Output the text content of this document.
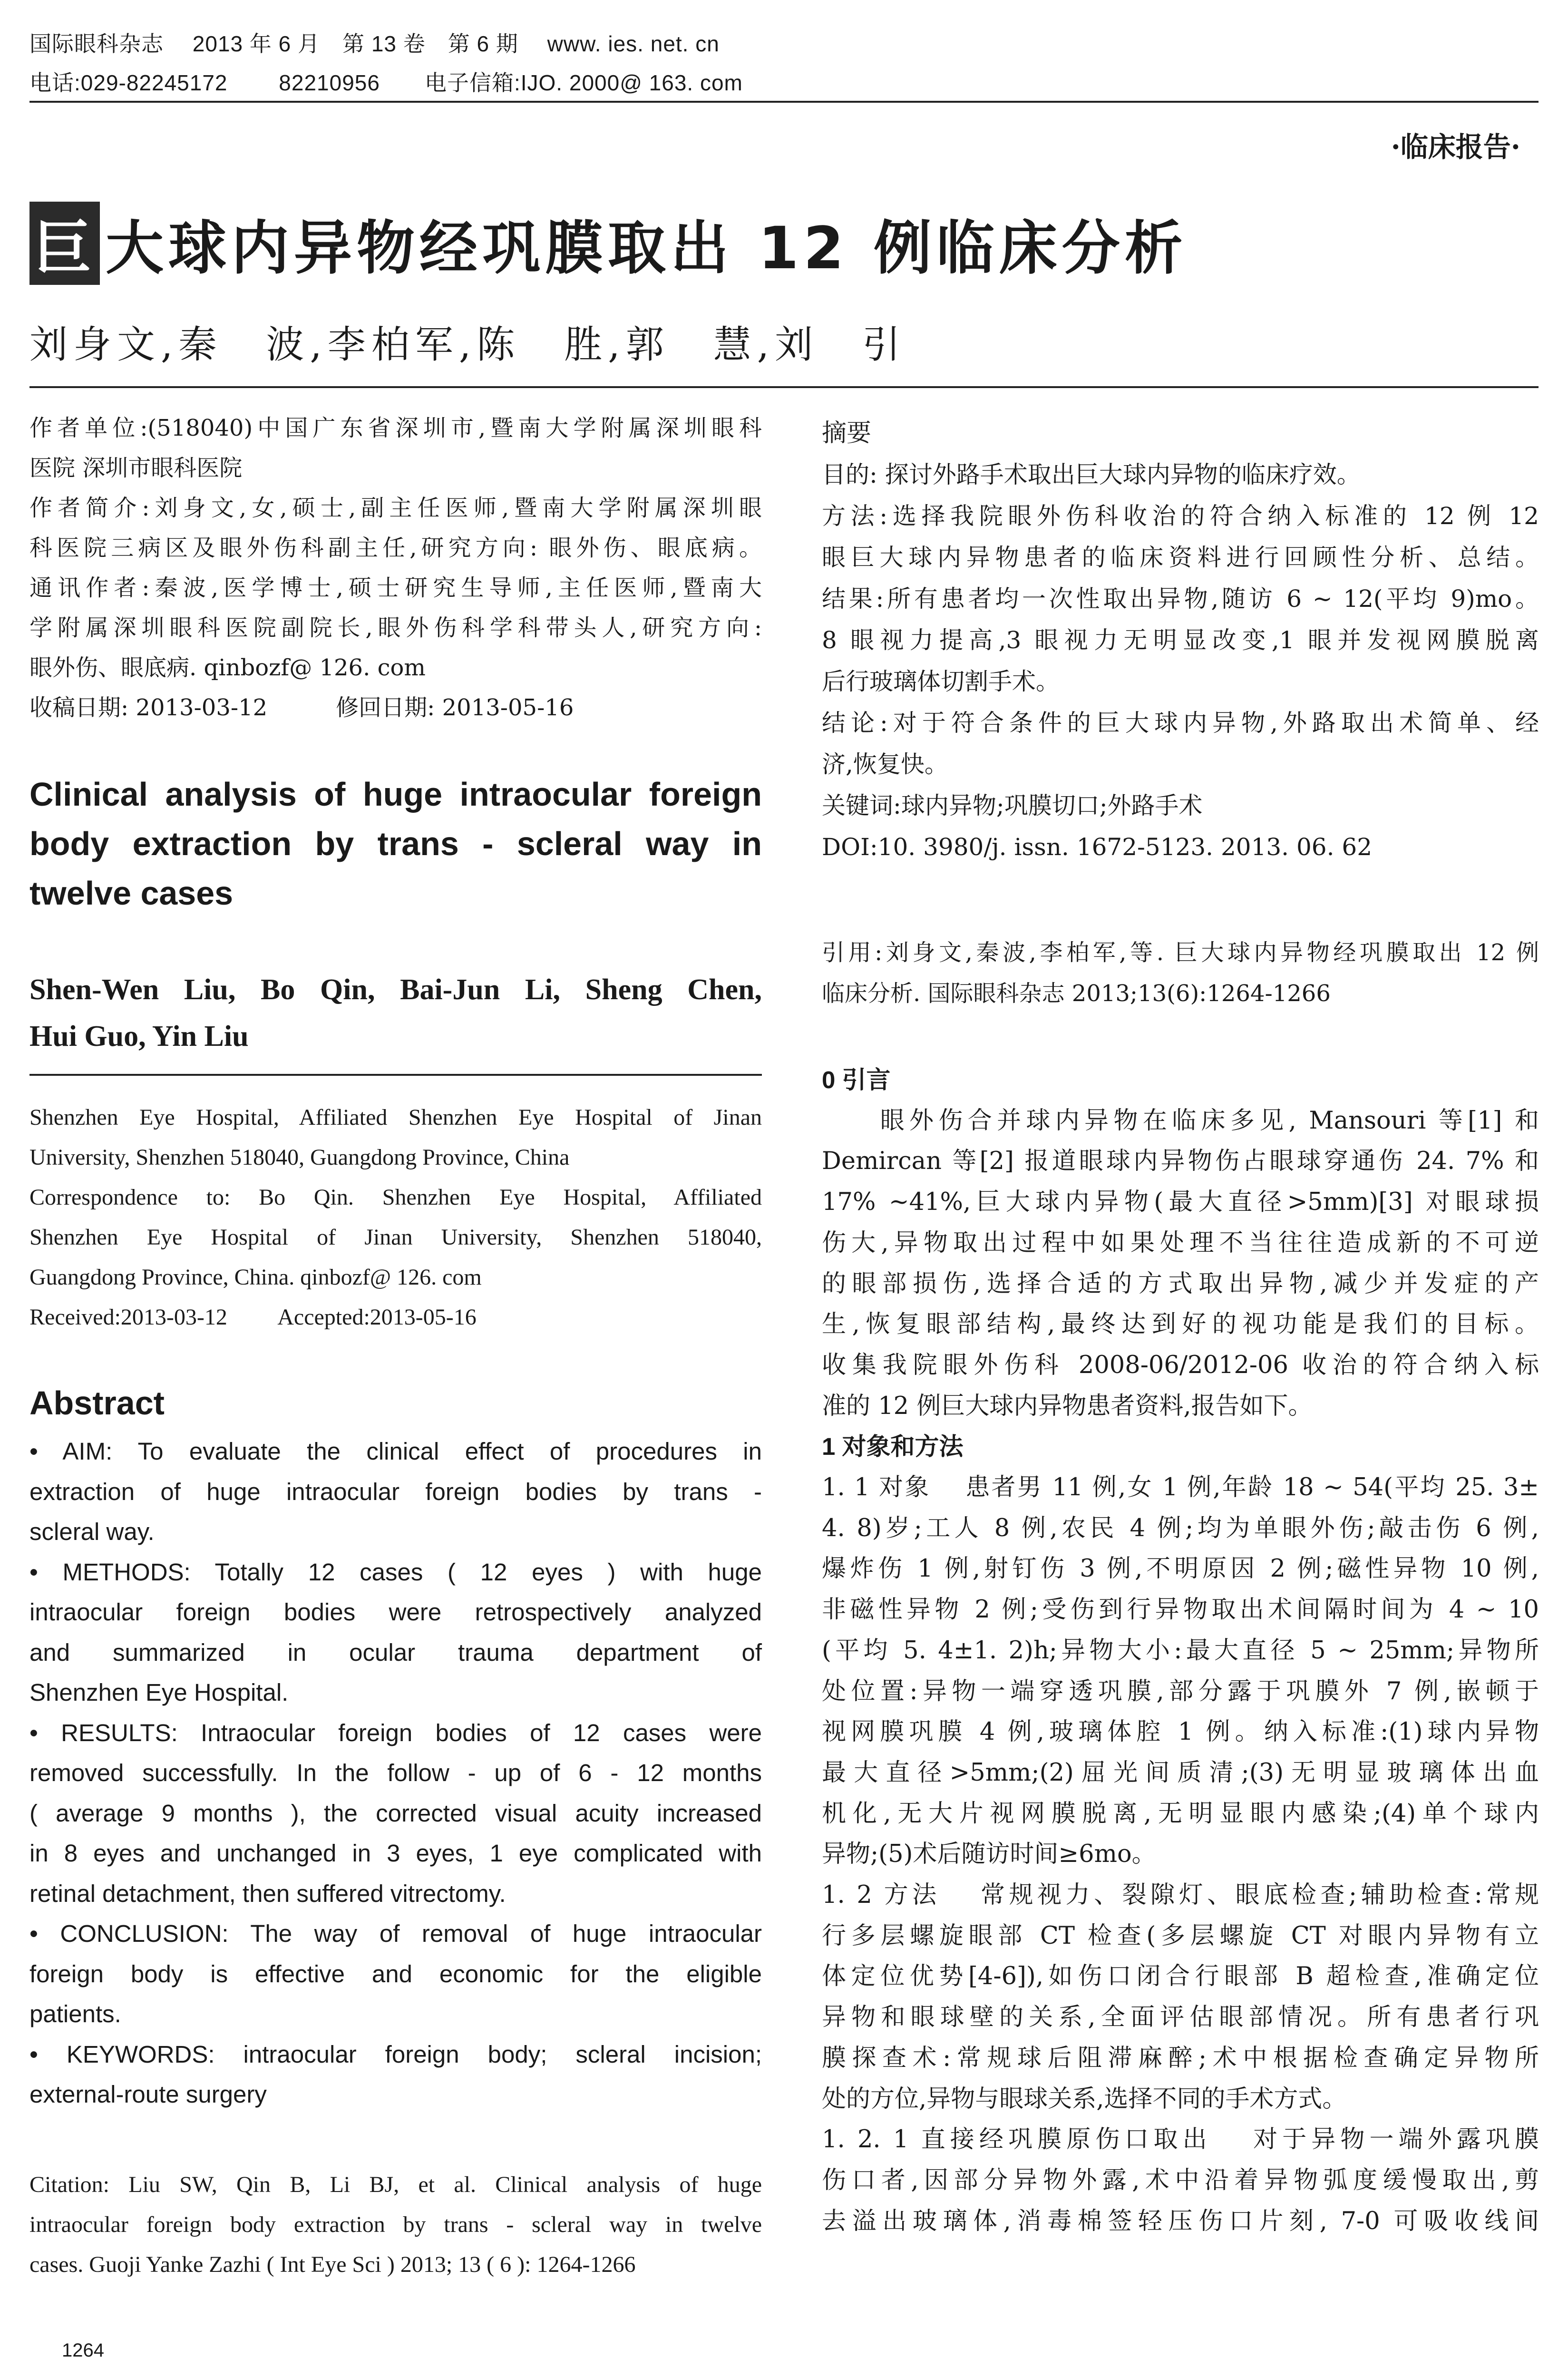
国际眼科杂志　 2013 年 6 月　第 13 卷　第 6 期　 www. ies. net. cn
电话:029-82245172　　 82210956　　电子信箱:IJO. 2000@ 163. com
·临床报告·
巨 大球内异物经巩膜取出 12 例临床分析
刘身文,秦　波,李柏军,陈　胜,郭　慧,刘　引
作者单位:(518040)中国广东省深圳市,暨南大学附属深圳眼科
医院 深圳市眼科医院
作者简介:刘身文,女,硕士,副主任医师,暨南大学附属深圳眼
科医院三病区及眼外伤科副主任,研究方向: 眼外伤、眼底病。
通讯作者:秦波,医学博士,硕士研究生导师,主任医师,暨南大
学附属深圳眼科医院副院长,眼外伤科学科带头人,研究方向:
眼外伤、眼底病. qinbozf@ 126. com
收稿日期: 2013-03-12　　　修回日期: 2013-05-16
Clinical analysis of huge intraocular foreign
body extraction by trans - scleral way in
twelve cases
Shen-Wen Liu, Bo Qin, Bai-Jun Li, Sheng Chen,
Hui Guo, Yin Liu
Shenzhen Eye Hospital, Affiliated Shenzhen Eye Hospital of Jinan
University, Shenzhen 518040, Guangdong Province, China
Correspondence to: Bo Qin. Shenzhen Eye Hospital, Affiliated
Shenzhen Eye Hospital of Jinan University, Shenzhen 518040,
Guangdong Province, China. qinbozf@ 126. com
Received:2013-03-12　　 Accepted:2013-05-16
Abstract
• AIM: To evaluate the clinical effect of procedures in
extraction of huge intraocular foreign bodies by trans -
scleral way.
• METHODS: Totally 12 cases ( 12 eyes ) with huge
intraocular foreign bodies were retrospectively analyzed
and summarized in ocular trauma department of
Shenzhen Eye Hospital.
• RESULTS: Intraocular foreign bodies of 12 cases were
removed successfully. In the follow - up of 6 - 12 months
( average 9 months ), the corrected visual acuity increased
in 8 eyes and unchanged in 3 eyes, 1 eye complicated with
retinal detachment, then suffered vitrectomy.
• CONCLUSION: The way of removal of huge intraocular
foreign body is effective and economic for the eligible
patients.
• KEYWORDS: intraocular foreign body; scleral incision;
external-route surgery
Citation: Liu SW, Qin B, Li BJ, et al. Clinical analysis of huge
intraocular foreign body extraction by trans - scleral way in twelve
cases. Guoji Yanke Zazhi ( Int Eye Sci ) 2013; 13 ( 6 ): 1264-1266
1264
摘要
目的: 探讨外路手术取出巨大球内异物的临床疗效。
方法:选择我院眼外伤科收治的符合纳入标准的 12 例 12
眼巨大球内异物患者的临床资料进行回顾性分析、总结。
结果:所有患者均一次性取出异物,随访 6 ~ 12(平均 9)mo。
8 眼视力提高,3 眼视力无明显改变,1 眼并发视网膜脱离
后行玻璃体切割手术。
结论:对于符合条件的巨大球内异物,外路取出术简单、经
济,恢复快。
关键词:球内异物;巩膜切口;外路手术
DOI:10. 3980/j. issn. 1672-5123. 2013. 06. 62
引用:刘身文,秦波,李柏军,等. 巨大球内异物经巩膜取出 12 例
临床分析. 国际眼科杂志 2013;13(6):1264-1266
0 引言
　　眼外伤合并球内异物在临床多见, Mansouri 等[1] 和
Demircan 等[2] 报道眼球内异物伤占眼球穿通伤 24. 7% 和
17% ~41%,巨大球内异物(最大直径>5mm)[3] 对眼球损
伤大,异物取出过程中如果处理不当往往造成新的不可逆
的眼部损伤,选择合适的方式取出异物,减少并发症的产
生,恢复眼部结构,最终达到好的视功能是我们的目标。
收集我院眼外伤科 2008-06/2012-06 收治的符合纳入标
准的 12 例巨大球内异物患者资料,报告如下。
1 对象和方法
1. 1 对象　 患者男 11 例,女 1 例,年龄 18 ~ 54(平均 25. 3±
4. 8)岁;工人 8 例,农民 4 例;均为单眼外伤;敲击伤 6 例,
爆炸伤 1 例,射钉伤 3 例,不明原因 2 例;磁性异物 10 例,
非磁性异物 2 例;受伤到行异物取出术间隔时间为 4 ~ 10
(平均 5. 4±1. 2)h;异物大小:最大直径 5 ~ 25mm;异物所
处位置:异物一端穿透巩膜,部分露于巩膜外 7 例,嵌顿于
视网膜巩膜 4 例,玻璃体腔 1 例。纳入标准:(1)球内异物
最大直径>5mm;(2)屈光间质清;(3)无明显玻璃体出血
机化,无大片视网膜脱离,无明显眼内感染;(4)单个球内
异物;(5)术后随访时间≥6mo。
1. 2 方法　 常规视力、裂隙灯、眼底检查;辅助检查:常规
行多层螺旋眼部 CT 检查(多层螺旋 CT 对眼内异物有立
体定位优势[4-6]),如伤口闭合行眼部 B 超检查,准确定位
异物和眼球壁的关系,全面评估眼部情况。所有患者行巩
膜探查术:常规球后阻滞麻醉;术中根据检查确定异物所
处的方位,异物与眼球关系,选择不同的手术方式。
1. 2. 1 直接经巩膜原伤口取出　 对于异物一端外露巩膜
伤口者,因部分异物外露,术中沿着异物弧度缓慢取出,剪
去溢出玻璃体,消毒棉签轻压伤口片刻, 7-0 可吸收线间
